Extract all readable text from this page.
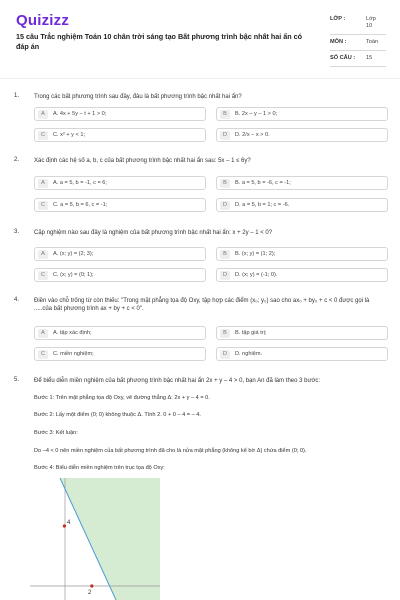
Quizizz
15 câu Trắc nghiệm Toán 10 chân trời sáng tạo Bất phương trình bậc nhất hai ẩn có đáp án
LỚP :	Lớp 10
MÔN :	Toán
SỐ CÂU : 15
1. Trong các bất phương trình sau đây, đâu là bất phương trình bậc nhất hai ẩn?
A	A. 4x + 5y – t + 1 > 0;	B	B. 2x – y – 1 > 0;
C	C. x² + y < 1;	D	D. 2/x – x > 0.
2. Xác định các hệ số a, b, c của bất phương trình bậc nhất hai ẩn sau: 5x – 1 ≤ 6y?
A	A. a = 5, b = -1, c = 6;	B	B. a = 5, b = -6, c = -1;
C	C. a = 5, b = 6, c = -1;	D	D. a = 5, b = 1; c = -6.
3. Cặp nghiệm nào sau đây là nghiệm của bất phương trình bậc nhất hai ẩn: x + 2y – 1 < 0?
A	A. (x; y) = (2; 3);	B	B. (x; y) = (1; 2);
C	C. (x; y) = (0; 1);	D	D. (x; y) = (-1; 0).
4. Điền vào chỗ trống từ còn thiếu: "Trong mặt phẳng tọa độ Oxy, tập hợp các điểm (x₀; y₀) sao cho ax₀ + by₀ + c < 0 được gọi là .....của bất phương trình ax + by + c < 0".
A	A. tập xác định;	B	B. tập giá trị;
C	C. miền nghiệm;	D	D. nghiệm.
5. Để biểu diễn miền nghiệm của bất phương trình bậc nhất hai ẩn 2x + y – 4 > 0, bạn An đã làm theo 3 bước:
Bước 1: Trên mặt phẳng tọa độ Oxy, vẽ đường thẳng Δ: 2x + y – 4 = 0.
Bước 2: Lấy một điểm (0; 0) không thuộc Δ. Tính 2. 0 + 0 – 4 = – 4.
Bước 3: Kết luận:
Do –4 < 0 nên miền nghiệm của bất phương trình đã cho là nửa mặt phẳng (không kể bờ Δ) chứa điểm (0; 0).
Bước 4: Biểu diễn miền nghiệm trên trục tọa độ Oxy:
4
2
